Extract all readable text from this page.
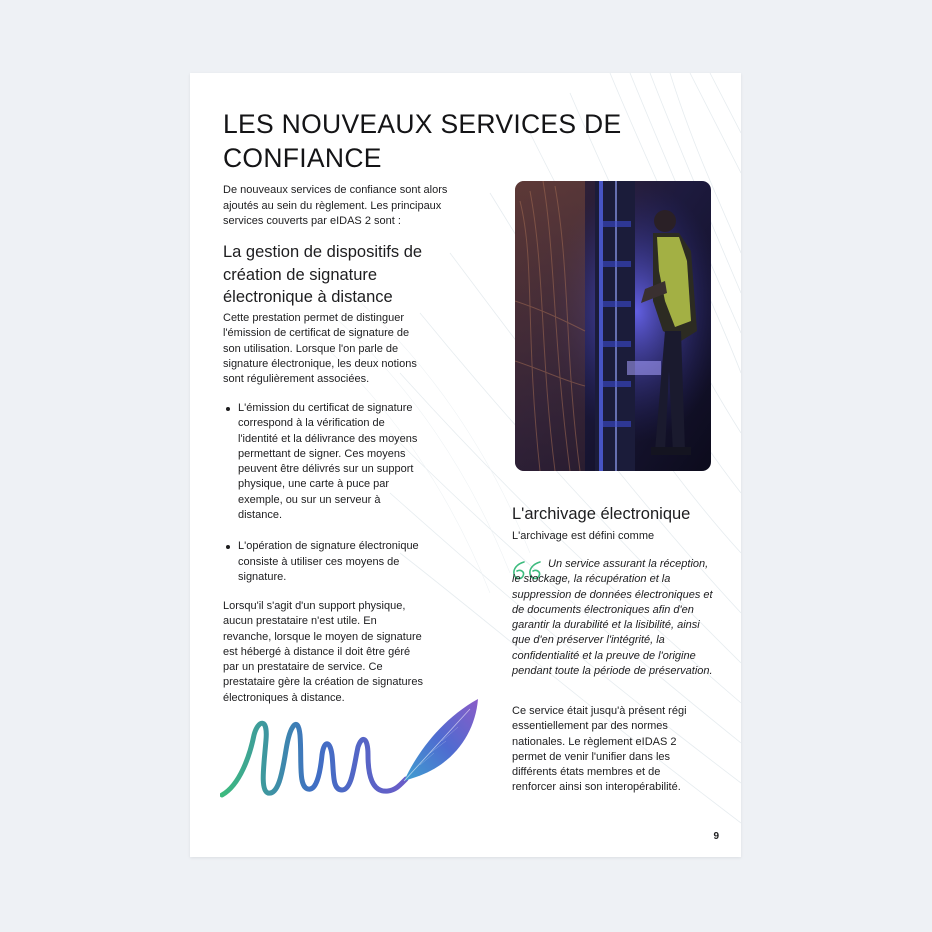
LES NOUVEAUX SERVICES DE CONFIANCE

De nouveaux services de confiance sont alors ajoutés au sein du règlement. Les principaux services couverts par eIDAS 2 sont :

La gestion de dispositifs de création de signature électronique à distance

Cette prestation permet de distinguer l'émission de certificat de signature de son utilisation. Lorsque l'on parle de signature électronique, les deux notions sont régulièrement associées.

L'émission du certificat de signature correspond à la vérification de l'identité et la délivrance des moyens permettant de signer. Ces moyens peuvent être délivrés sur un support physique, une carte à puce par exemple, ou sur un serveur à distance.
L'opération de signature électronique consiste à utiliser ces moyens de signature.

Lorsqu'il s'agit d'un support physique, aucun prestataire n'est utile. En revanche, lorsque le moyen de signature est hébergé à distance il doit être géré par un prestataire de service. Ce prestataire gère la création de signatures électroniques à distance.

L'archivage électronique

L'archivage est défini comme

Un service assurant la réception, le stockage, la récupération et la suppression de données électroniques et de documents électroniques afin d'en garantir la durabilité et la lisibilité, ainsi que d'en préserver l'intégrité, la confidentialité et la preuve de l'origine pendant toute la période de préservation.

Ce service était jusqu'à présent régi essentiellement par des normes nationales. Le règlement eIDAS 2 permet de venir l'unifier dans les différents états membres et de renforcer ainsi son interopérabilité.

9
